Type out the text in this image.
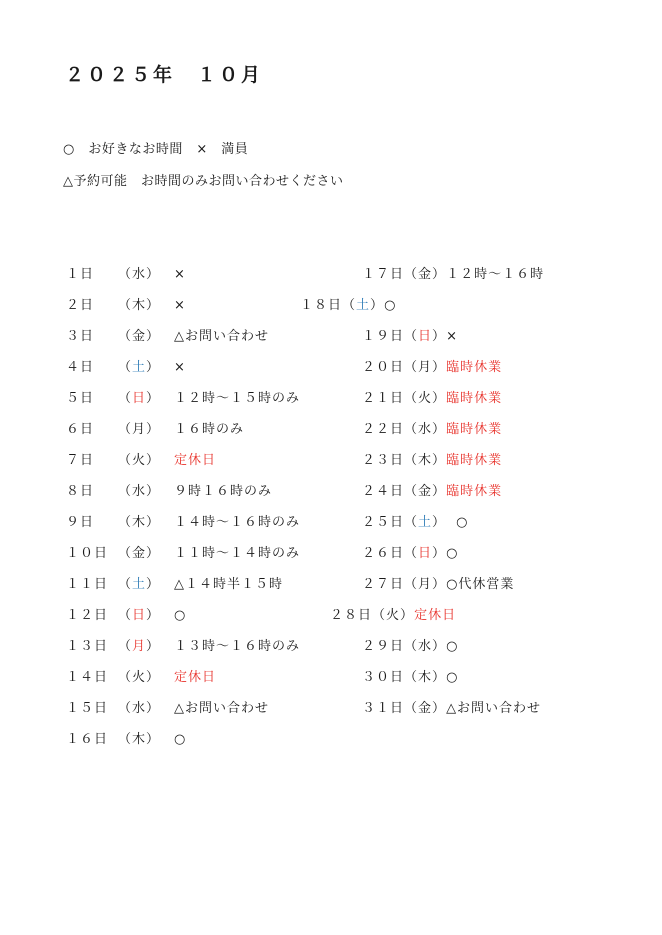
２０２５年　１０月
○　お好きなお時間　×　満員
△予約可能　お時間のみお問い合わせください
１日 （水） ×
２日 （木） ×
３日 （金） △お問い合わせ
４日 （土） ×
５日 （日） １２時～１５時のみ
６日 （月） １６時のみ
７日 （火） 定休日
８日 （水） ９時１６時のみ
９日 （木） １４時～１６時のみ
１０日 （金） １１時～１４時のみ
１１日 （土） △１４時半１５時
１２日 （日） ○
１３日 （月） １３時～１６時のみ
１４日 （火） 定休日
１５日 （水） △お問い合わせ
１６日 （木） ○
１７日（金）１２時～１６時
１８日（土）○
１９日（日）×
２０日（月）臨時休業
２１日（火）臨時休業
２２日（水）臨時休業
２３日（木）臨時休業
２４日（金）臨時休業
２５日（土） ○
２６日（日）○
２７日（月）○代休営業
２８日（火）定休日
２９日（水）○
３０日（木）○
３１日（金）△お問い合わせ
